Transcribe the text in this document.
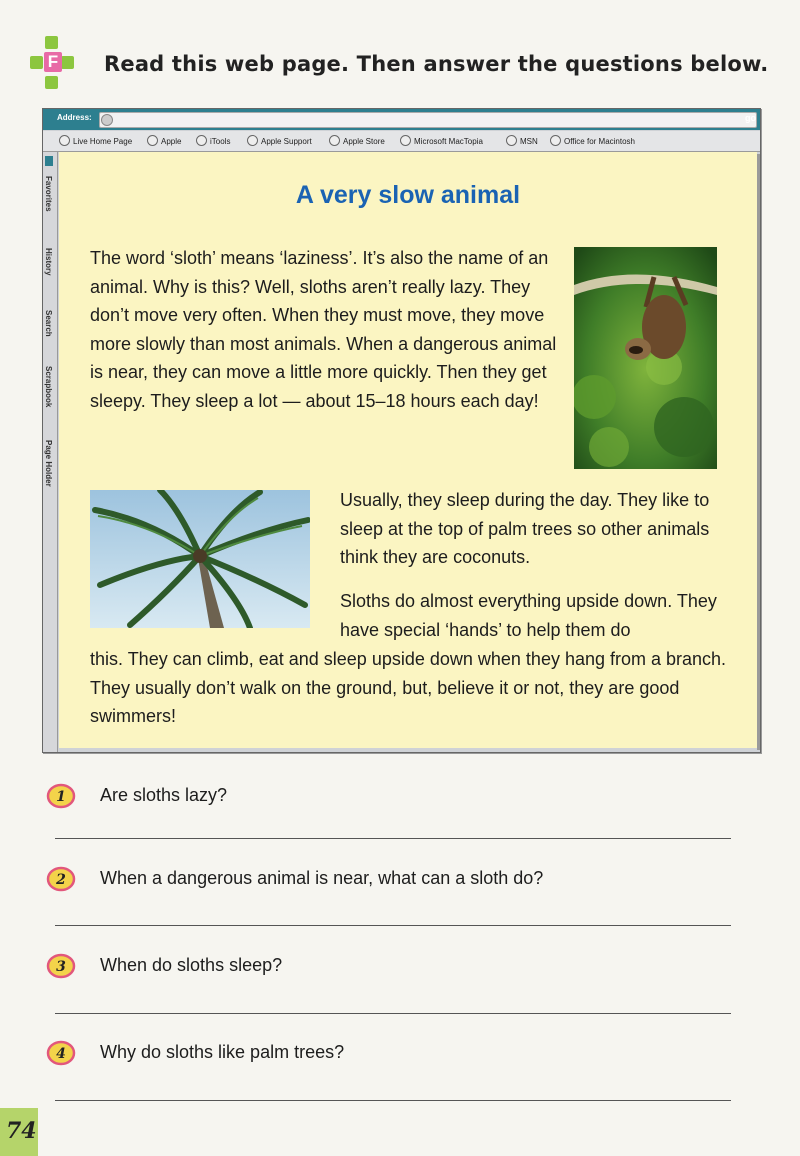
F Read this web page. Then answer the questions below.
Address:	go
Live Home Page	Apple	iTools	Apple Support	Apple Store	Microsoft MacTopia	MSN	Office for Macintosh
Favorites
History
Search
Scrapbook
Page Holder
A very slow animal

The word ‘sloth’ means ‘laziness’. It’s also the name of an animal. Why is this? Well, sloths aren’t really lazy. They don’t move very often. When they must move, they move more slowly than most animals. When a dangerous animal is near, they can move a little more quickly. Then they get sleepy. They sleep a lot — about 15–18 hours each day!

Usually, they sleep during the day. They like to sleep at the top of palm trees so other animals think they are coconuts.

Sloths do almost everything upside down. They have special ‘hands’ to help them do

this. They can climb, eat and sleep upside down when they hang from a branch. They usually don’t walk on the ground, but, believe it or not, they are good swimmers!

1 Are sloths lazy?
2 When a dangerous animal is near, what can a sloth do?
3 When do sloths sleep?
4 Why do sloths like palm trees?
74
